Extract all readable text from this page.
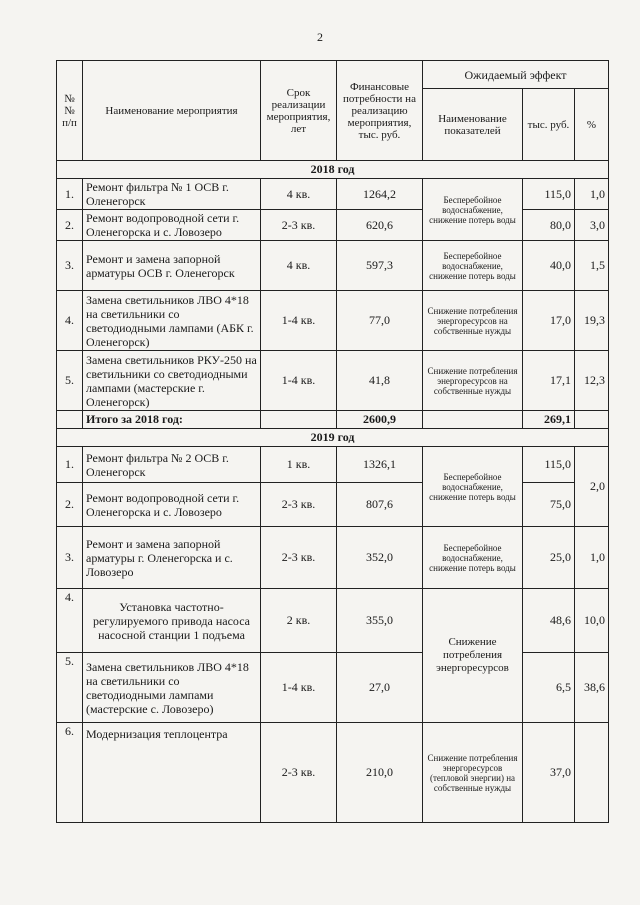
2
№№ п/п	Наименование мероприятия	Срок реализации мероприятия, лет	Финансовые потребности на реализацию мероприятия, тыс. руб.	Ожидаемый эффект		
				Наименование показателей	тыс. руб.	%
2018 год						
1.	Ремонт фильтра № 1 ОСВ г. Оленегорск	4 кв.	1264,2	Бесперебойное водоснабжение, снижение потерь воды	115,0	1,0
2.	Ремонт водопроводной сети г. Оленегорска и с. Ловозеро	2-3 кв.	620,6		80,0	3,0
3.	Ремонт и замена запорной арматуры ОСВ г. Оленегорск	4 кв.	597,3	Бесперебойное водоснабжение, снижение потерь воды	40,0	1,5
4.	Замена светильников ЛВО 4*18 на светильники со светодиодными лампами (АБК г. Оленегорск)	1-4 кв.	77,0	Снижение потребления энергоресурсов на собственные нужды	17,0	19,3
5.	Замена светильников РКУ-250 на светильники со светодиодными лампами (мастерские г. Оленегорск)	1-4 кв.	41,8	Снижение потребления энергоресурсов на собственные нужды	17,1	12,3
	Итого за 2018 год:		2600,9		269,1	
2019 год						
1.	Ремонт фильтра № 2 ОСВ г. Оленегорск	1 кв.	1326,1	Бесперебойное водоснабжение, снижение потерь воды	115,0	2,0
2.	Ремонт водопроводной сети г. Оленегорска и с. Ловозеро	2-3 кв.	807,6		75,0	
3.	Ремонт и замена запорной арматуры г. Оленегорска и с. Ловозеро	2-3 кв.	352,0	Бесперебойное водоснабжение, снижение потерь воды	25,0	1,0
4.	Установка частотно-регулируемого привода насоса насосной станции 1 подъема	2 кв.	355,0	Снижение потребления энергоресурсов	48,6	10,0
5.	Замена светильников ЛВО 4*18 на светильники со светодиодными лампами (мастерские с. Ловозеро)	1-4 кв.	27,0		6,5	38,6
6.	Модернизация теплоцентра	2-3 кв.	210,0	Снижение потребления энергоресурсов (тепловой энергии) на собственные нужды	37,0	
